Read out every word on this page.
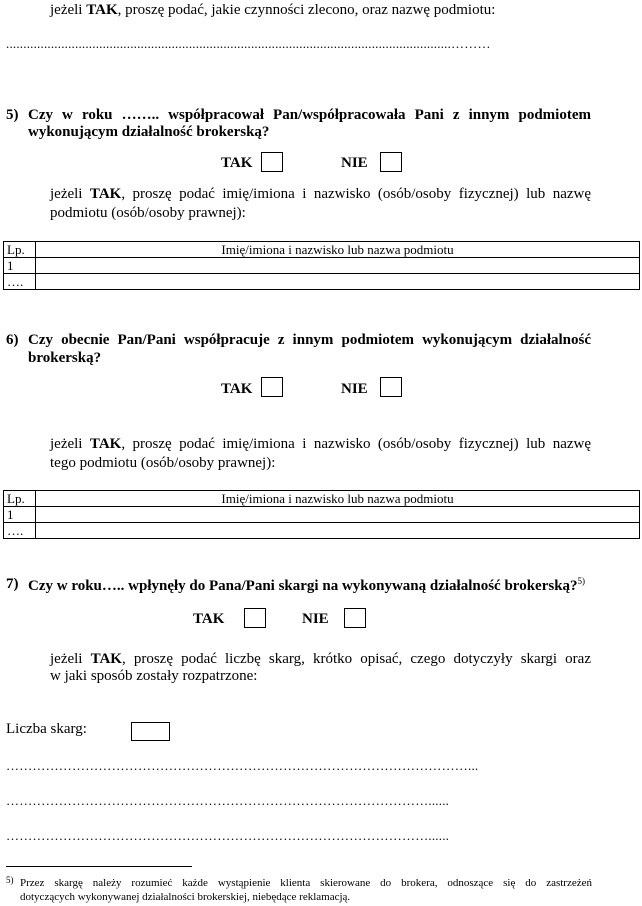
jeżeli TAK, proszę podać, jakie czynności zlecono, oraz nazwę podmiotu:
.................................................................................................................................………
5) Czy w roku …….. współpracował Pan/współpracowała Pani z innym podmiotem
wykonującym działalność brokerską?
TAK	NIE
jeżeli TAK, proszę podać imię/imiona i nazwisko (osób/osoby fizycznej) lub nazwę
podmiotu (osób/osoby prawnej):
Lp.	Imię/imiona i nazwisko lub nazwa podmiotu
1	
….	
6) Czy obecnie Pan/Pani współpracuje z innym podmiotem wykonującym działalność
brokerską?
TAK	NIE
jeżeli TAK, proszę podać imię/imiona i nazwisko (osób/osoby fizycznej) lub nazwę
tego podmiotu (osób/osoby prawnej):
Lp.	Imię/imiona i nazwisko lub nazwa podmiotu
1	
….	
7) Czy w roku….. wpłynęły do Pana/Pani skargi na wykonywaną działalność brokerską?$^{5)}$
TAK	NIE
jeżeli TAK, proszę podać liczbę skarg, krótko opisać, czego dotyczyły skargi oraz
w jaki sposób zostały rozpatrzone:
Liczba skarg:
……………………………………………………………………………………………...
……………………………………………………………………………………......
……………………………………………………………………………………......
$^{5)}$ Przez skargę należy rozumieć każde wystąpienie klienta skierowane do brokera, odnoszące się do zastrzeżeń
dotyczących wykonywanej działalności brokerskiej, niebędące reklamacją.
